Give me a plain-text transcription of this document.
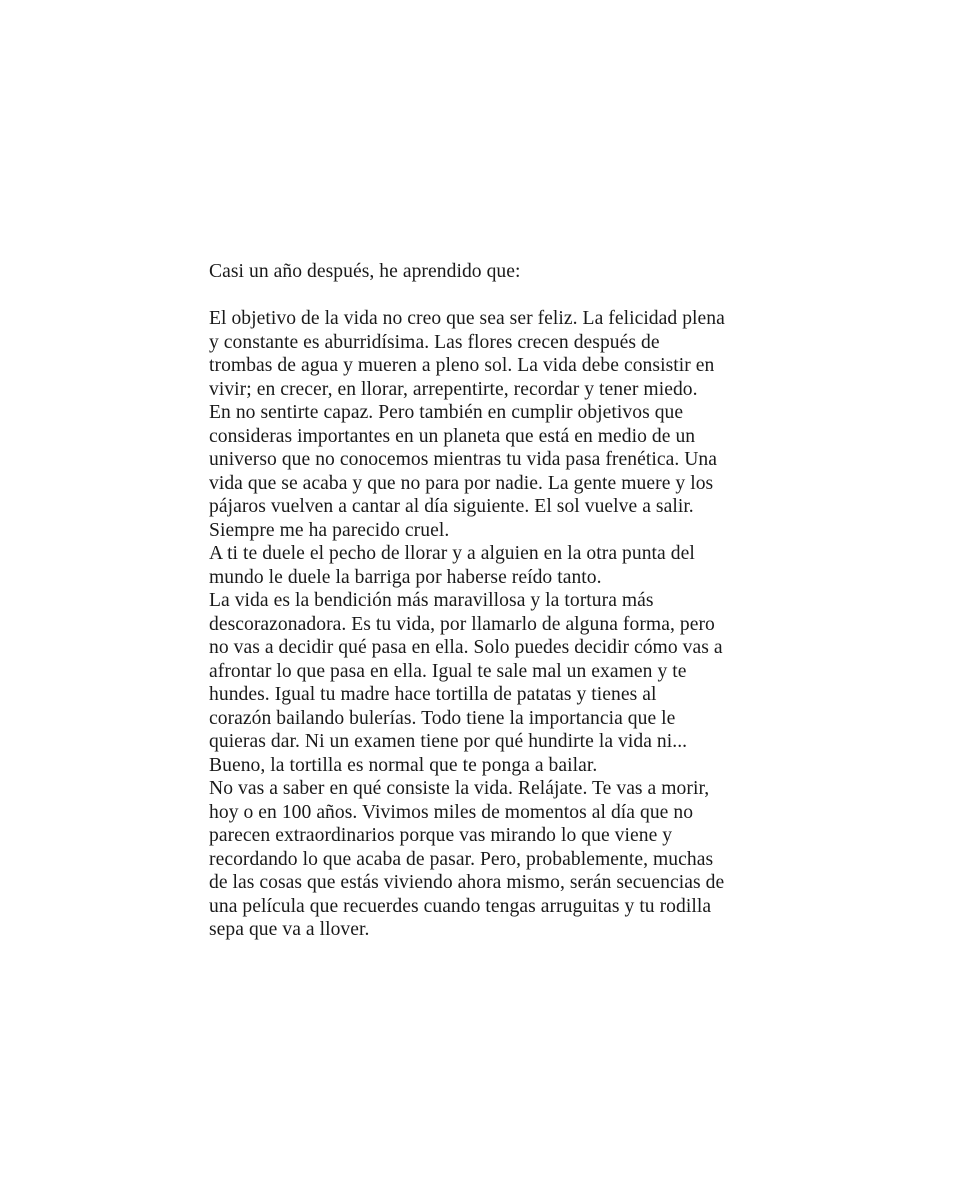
Casi un año después, he aprendido que:
El objetivo de la vida no creo que sea ser feliz. La felicidad plena
y constante es aburridísima. Las flores crecen después de
trombas de agua y mueren a pleno sol. La vida debe consistir en
vivir; en crecer, en llorar, arrepentirte, recordar y tener miedo.
En no sentirte capaz. Pero también en cumplir objetivos que
consideras importantes en un planeta que está en medio de un
universo que no conocemos mientras tu vida pasa frenética. Una
vida que se acaba y que no para por nadie. La gente muere y los
pájaros vuelven a cantar al día siguiente. El sol vuelve a salir.
Siempre me ha parecido cruel.
A ti te duele el pecho de llorar y a alguien en la otra punta del
mundo le duele la barriga por haberse reído tanto.
La vida es la bendición más maravillosa y la tortura más
descorazonadora. Es tu vida, por llamarlo de alguna forma, pero
no vas a decidir qué pasa en ella. Solo puedes decidir cómo vas a
afrontar lo que pasa en ella. Igual te sale mal un examen y te
hundes. Igual tu madre hace tortilla de patatas y tienes al
corazón bailando bulerías. Todo tiene la importancia que le
quieras dar. Ni un examen tiene por qué hundirte la vida ni...
Bueno, la tortilla es normal que te ponga a bailar.
No vas a saber en qué consiste la vida. Relájate. Te vas a morir,
hoy o en 100 años. Vivimos miles de momentos al día que no
parecen extraordinarios porque vas mirando lo que viene y
recordando lo que acaba de pasar. Pero, probablemente, muchas
de las cosas que estás viviendo ahora mismo, serán secuencias de
una película que recuerdes cuando tengas arruguitas y tu rodilla
sepa que va a llover.
